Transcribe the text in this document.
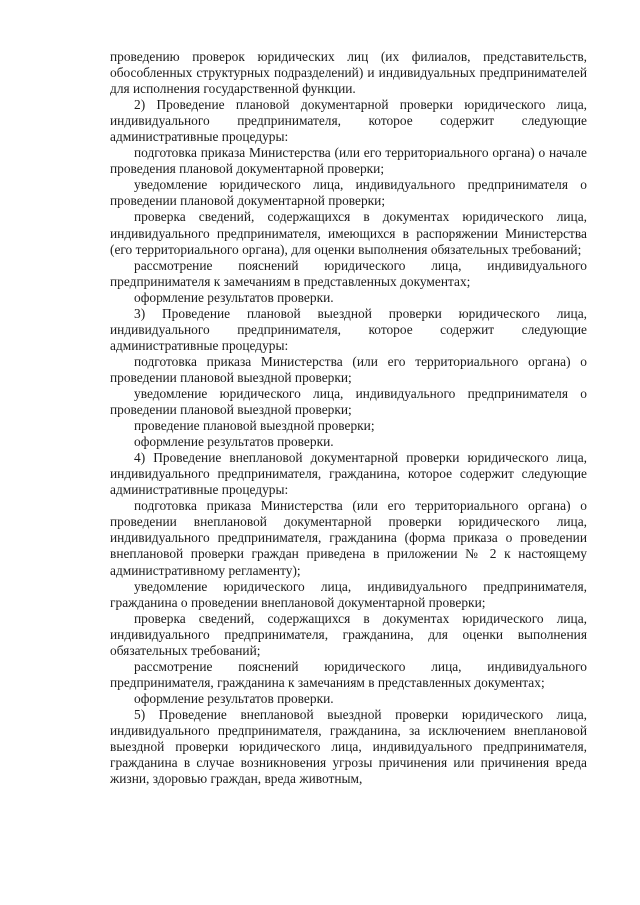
проведению проверок юридических лиц (их филиалов, представительств, обособленных структурных подразделений) и индивидуальных предпринимателей для исполнения государственной функции.

2) Проведение плановой документарной проверки юридического лица, индивидуального предпринимателя, которое содержит следующие административные процедуры:

подготовка приказа Министерства (или его территориального органа) о начале проведения плановой документарной проверки;

уведомление юридического лица, индивидуального предпринимателя о проведении плановой документарной проверки;

проверка сведений, содержащихся в документах юридического лица, индивидуального предпринимателя, имеющихся в распоряжении Министерства (его территориального органа), для оценки выполнения обязательных требований;

рассмотрение пояснений юридического лица, индивидуального предпринимателя к замечаниям в представленных документах;

оформление результатов проверки.

3) Проведение плановой выездной проверки юридического лица, индивидуального предпринимателя, которое содержит следующие административные процедуры:

подготовка приказа Министерства (или его территориального органа) о проведении плановой выездной проверки;

уведомление юридического лица, индивидуального предпринимателя о проведении плановой выездной проверки;

проведение плановой выездной проверки;

оформление результатов проверки.

4) Проведение внеплановой документарной проверки юридического лица, индивидуального предпринимателя, гражданина, которое содержит следующие административные процедуры:

подготовка приказа Министерства (или его территориального органа) о проведении внеплановой документарной проверки юридического лица, индивидуального предпринимателя, гражданина (форма приказа о проведении внеплановой проверки граждан приведена в приложении № 2 к настоящему административному регламенту);

уведомление юридического лица, индивидуального предпринимателя, гражданина о проведении внеплановой документарной проверки;

проверка сведений, содержащихся в документах юридического лица, индивидуального предпринимателя, гражданина, для оценки выполнения обязательных требований;

рассмотрение пояснений юридического лица, индивидуального предпринимателя, гражданина к замечаниям в представленных документах;

оформление результатов проверки.

5) Проведение внеплановой выездной проверки юридического лица, индивидуального предпринимателя, гражданина, за исключением внеплановой выездной проверки юридического лица, индивидуального предпринимателя, гражданина в случае возникновения угрозы причинения или причинения вреда жизни, здоровью граждан, вреда животным,
